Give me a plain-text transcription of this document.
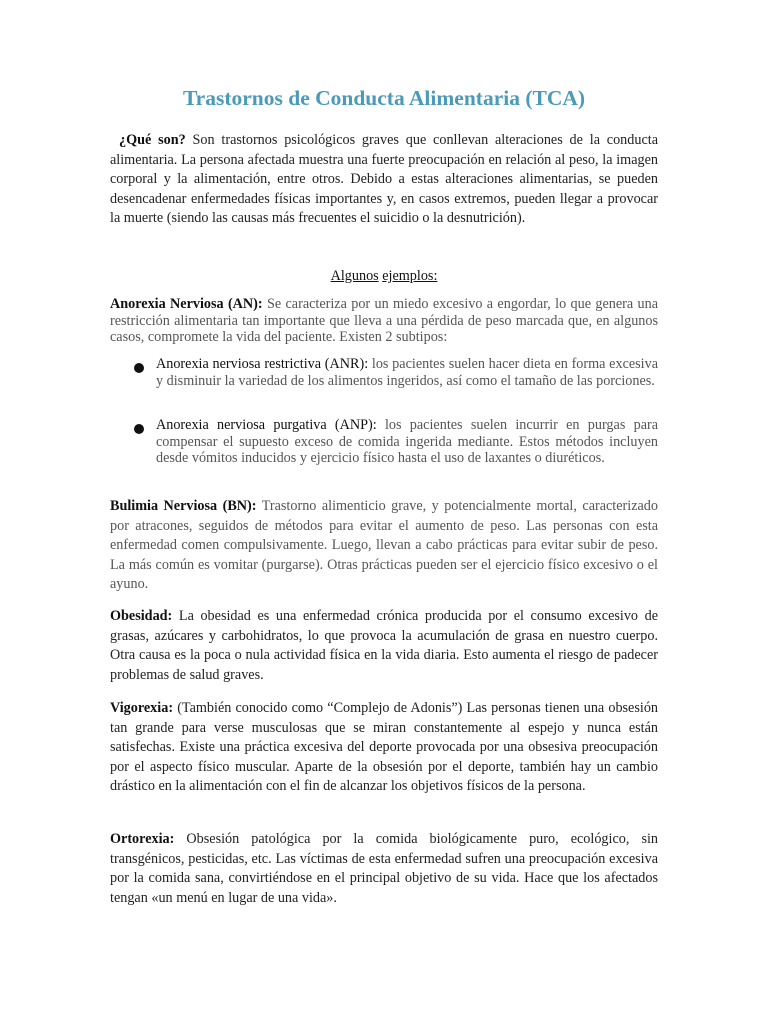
Trastornos de Conducta Alimentaria (TCA)

¿Qué son? Son trastornos psicológicos graves que conllevan alteraciones de la conducta alimentaria. La persona afectada muestra una fuerte preocupación en relación al peso, la imagen corporal y la alimentación, entre otros. Debido a estas alteraciones alimentarias, se pueden desencadenar enfermedades físicas importantes y, en casos extremos, pueden llegar a provocar la muerte (siendo las causas más frecuentes el suicidio o la desnutrición).

Algunos ejemplos:

Anorexia Nerviosa (AN): Se caracteriza por un miedo excesivo a engordar, lo que genera una restricción alimentaria tan importante que lleva a una pérdida de peso marcada que, en algunos casos, compromete la vida del paciente. Existen 2 subtipos:

Anorexia nerviosa restrictiva (ANR): los pacientes suelen hacer dieta en forma excesiva y disminuir la variedad de los alimentos ingeridos, así como el tamaño de las porciones.

Anorexia nerviosa purgativa (ANP): los pacientes suelen incurrir en purgas para compensar el supuesto exceso de comida ingerida mediante. Estos métodos incluyen desde vómitos inducidos y ejercicio físico hasta el uso de laxantes o diuréticos.

Bulimia Nerviosa (BN): Trastorno alimenticio grave, y potencialmente mortal, caracterizado por atracones, seguidos de métodos para evitar el aumento de peso. Las personas con esta enfermedad comen compulsivamente. Luego, llevan a cabo prácticas para evitar subir de peso. La más común es vomitar (purgarse). Otras prácticas pueden ser el ejercicio físico excesivo o el ayuno.

Obesidad: La obesidad es una enfermedad crónica producida por el consumo excesivo de grasas, azúcares y carbohidratos, lo que provoca la acumulación de grasa en nuestro cuerpo. Otra causa es la poca o nula actividad física en la vida diaria. Esto aumenta el riesgo de padecer problemas de salud graves.

Vigorexia: (También conocido como “Complejo de Adonis”) Las personas tienen una obsesión tan grande para verse musculosas que se miran constantemente al espejo y nunca están satisfechas. Existe una práctica excesiva del deporte provocada por una obsesiva preocupación por el aspecto físico muscular. Aparte de la obsesión por el deporte, también hay un cambio drástico en la alimentación con el fin de alcanzar los objetivos físicos de la persona.

Ortorexia: Obsesión patológica por la comida biológicamente puro, ecológico, sin transgénicos, pesticidas, etc. Las víctimas de esta enfermedad sufren una preocupación excesiva por la comida sana, convirtiéndose en el principal objetivo de su vida. Hace que los afectados tengan «un menú en lugar de una vida».
